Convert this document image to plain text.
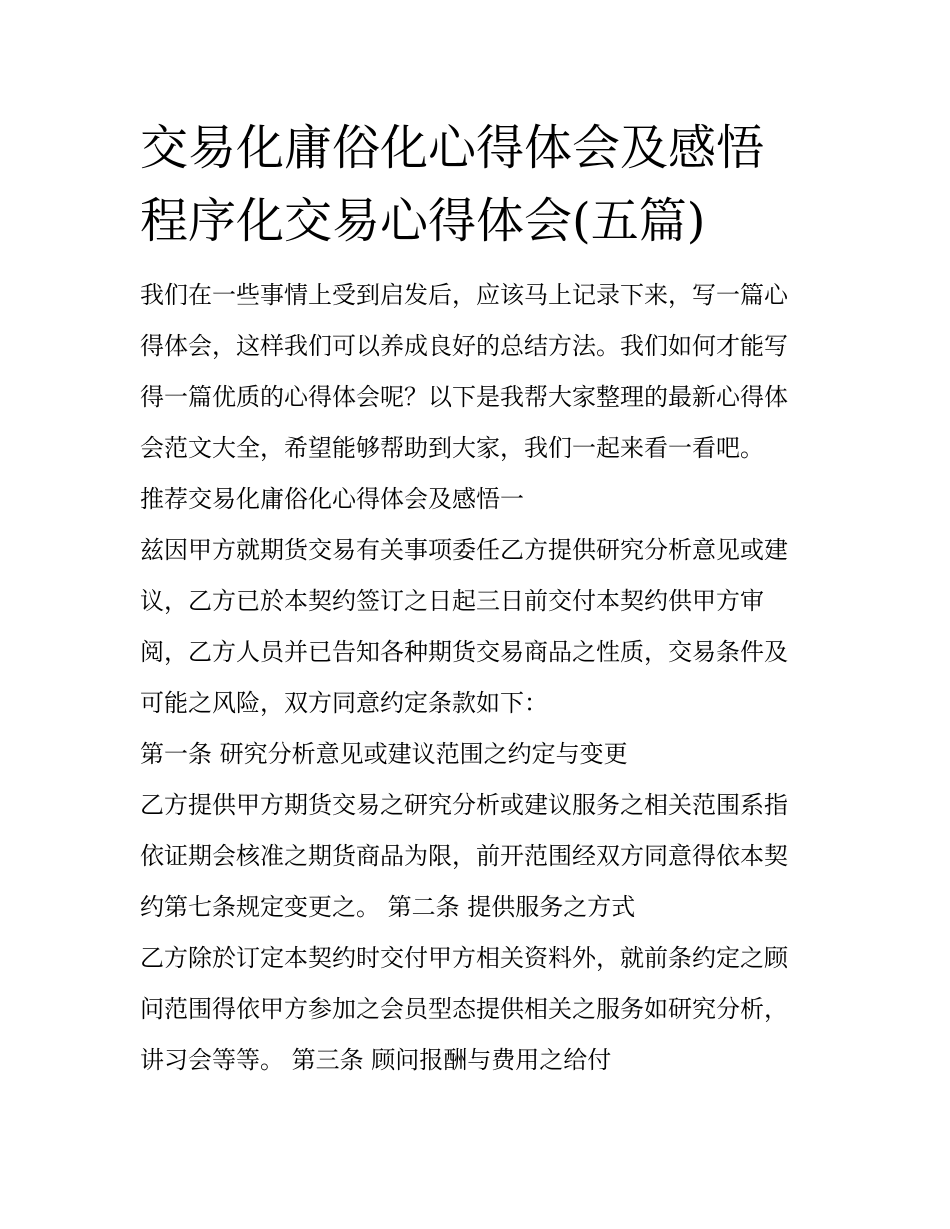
交易化庸俗化心得体会及感悟
程序化交易心得体会(五篇)

我们在一些事情上受到启发后，应该马上记录下来，写一篇心
得体会，这样我们可以养成良好的总结方法。我们如何才能写
得一篇优质的心得体会呢？以下是我帮大家整理的最新心得体
会范文大全，希望能够帮助到大家，我们一起来看一看吧。

推荐交易化庸俗化心得体会及感悟一

兹因甲方就期货交易有关事项委任乙方提供研究分析意见或建
议，乙方已於本契约签订之日起三日前交付本契约供甲方审
阅，乙方人员并已告知各种期货交易商品之性质，交易条件及
可能之风险，双方同意约定条款如下：

第一条 研究分析意见或建议范围之约定与变更

乙方提供甲方期货交易之研究分析或建议服务之相关范围系指
依证期会核准之期货商品为限，前开范围经双方同意得依本契
约第七条规定变更之。 第二条 提供服务之方式

乙方除於订定本契约时交付甲方相关资料外，就前条约定之顾
问范围得依甲方参加之会员型态提供相关之服务如研究分析，
讲习会等等。 第三条 顾问报酬与费用之给付
